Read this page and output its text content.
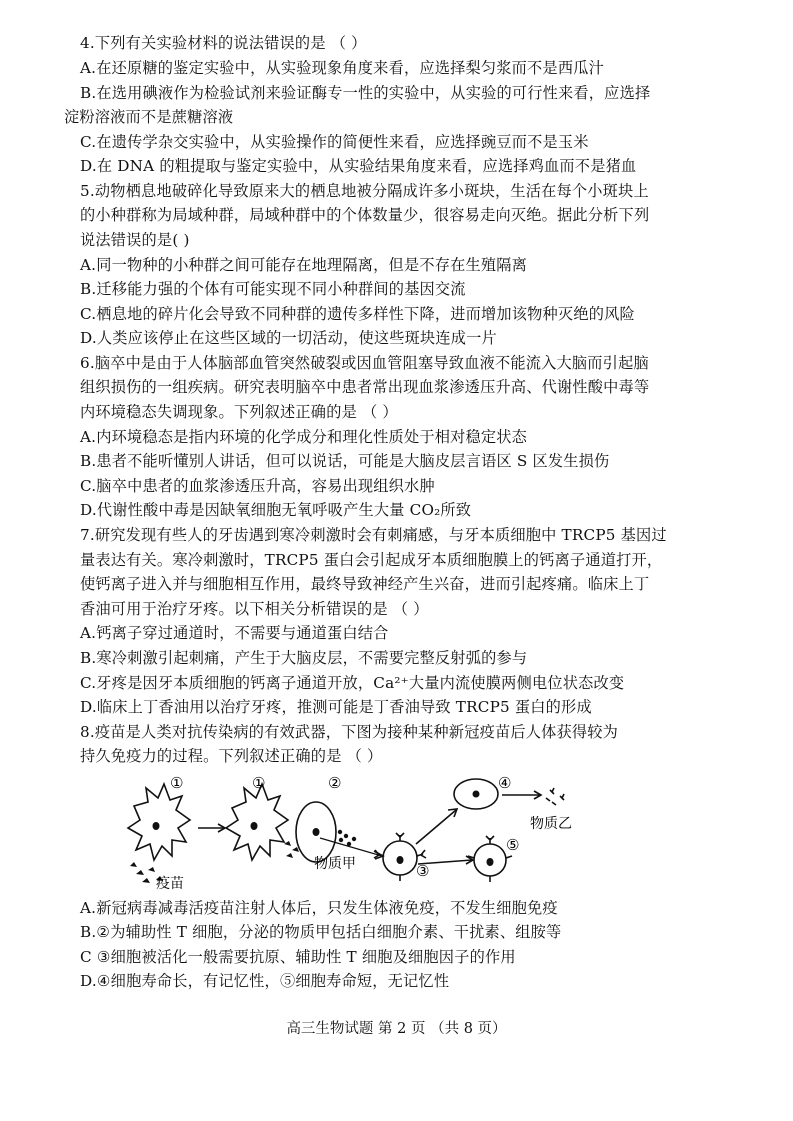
4.下列有关实验材料的说法错误的是 （ ）
A.在还原糖的鉴定实验中，从实验现象角度来看，应选择梨匀浆而不是西瓜汁
B.在选用碘液作为检验试剂来验证酶专一性的实验中，从实验的可行性来看，应选择
淀粉溶液而不是蔗糖溶液
C.在遗传学杂交实验中，从实验操作的简便性来看，应选择豌豆而不是玉米
D.在 DNA 的粗提取与鉴定实验中，从实验结果角度来看，应选择鸡血而不是猪血
5.动物栖息地破碎化导致原来大的栖息地被分隔成许多小斑块，生活在每个小斑块上
的小种群称为局域种群，局域种群中的个体数量少，很容易走向灭绝。据此分析下列
说法错误的是( )
A.同一物种的小种群之间可能存在地理隔离，但是不存在生殖隔离
B.迁移能力强的个体有可能实现不同小种群间的基因交流
C.栖息地的碎片化会导致不同种群的遗传多样性下降，进而增加该物种灭绝的风险
D.人类应该停止在这些区域的一切活动，使这些斑块连成一片
6.脑卒中是由于人体脑部血管突然破裂或因血管阻塞导致血液不能流入大脑而引起脑
组织损伤的一组疾病。研究表明脑卒中患者常出现血浆渗透压升高、代谢性酸中毒等
内环境稳态失调现象。下列叙述正确的是 （ ）
A.内环境稳态是指内环境的化学成分和理化性质处于相对稳定状态
B.患者不能听懂别人讲话，但可以说话，可能是大脑皮层言语区 S 区发生损伤
C.脑卒中患者的血浆渗透压升高，容易出现组织水肿
D.代谢性酸中毒是因缺氧细胞无氧呼吸产生大量 CO₂所致
7.研究发现有些人的牙齿遇到寒冷刺激时会有刺痛感，与牙本质细胞中 TRCP5 基因过
量表达有关。寒冷刺激时，TRCP5 蛋白会引起成牙本质细胞膜上的钙离子通道打开，
使钙离子进入并与细胞相互作用，最终导致神经产生兴奋，进而引起疼痛。临床上丁
香油可用于治疗牙疼。以下相关分析错误的是 （ ）
A.钙离子穿过通道时，不需要与通道蛋白结合
B.寒冷刺激引起刺痛，产生于大脑皮层，不需要完整反射弧的参与
C.牙疼是因牙本质细胞的钙离子通道开放，Ca²⁺大量内流使膜两侧电位状态改变
D.临床上丁香油用以治疗牙疼，推测可能是丁香油导致 TRCP5 蛋白的形成
8.疫苗是人类对抗传染病的有效武器，下图为接种某种新冠疫苗后人体获得较为
持久免疫力的过程。下列叙述正确的是 （ ）
①	①	②
③
④
⑤
疫苗
物质甲
物质乙
A.新冠病毒减毒活疫苗注射人体后，只发生体液免疫，不发生细胞免疫
B.②为辅助性 T 细胞，分泌的物质甲包括白细胞介素、干扰素、组胺等
C ③细胞被活化一般需要抗原、辅助性 T 细胞及细胞因子的作用
D.④细胞寿命长，有记忆性，⑤细胞寿命短，无记忆性
高三生物试题 第 2 页 （共 8 页）
